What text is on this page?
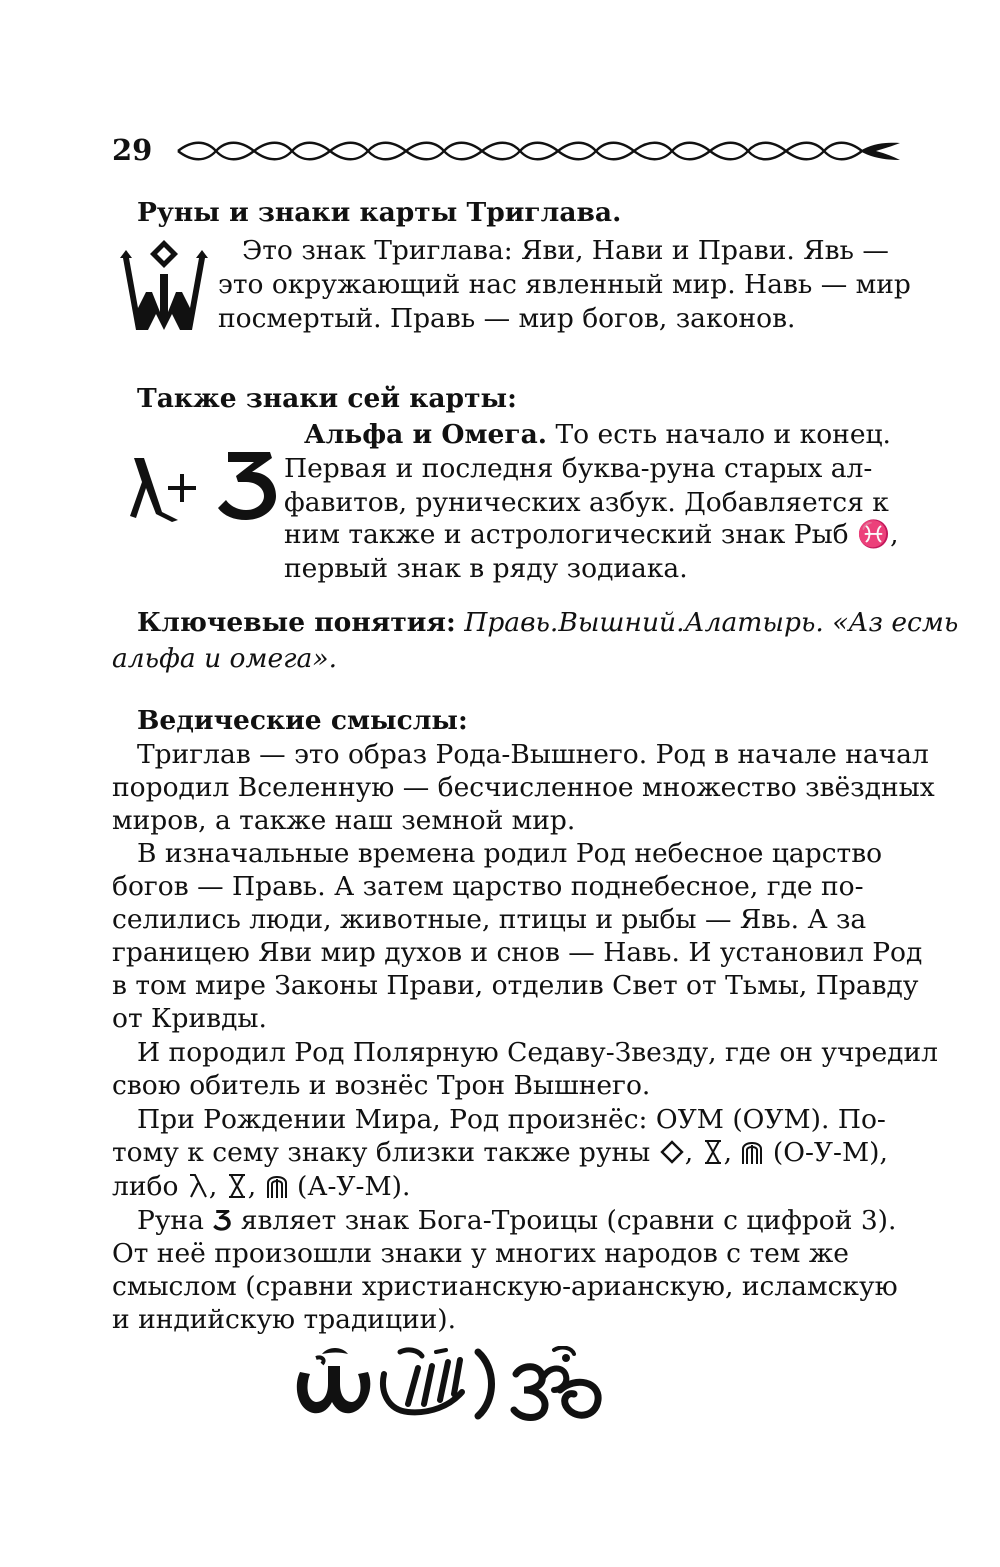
29
Руны и знаки карты Триглава.
Это знак Триглава: Яви, Нави и Прави. Явь —
это окружающий нас явленный мир. Навь — мир
посмертый. Правь — мир богов, законов.
Также знаки сей карты:
Альфа и Омега. То есть начало и конец.
Первая и последня буква-руна старых ал-
фавитов, рунических азбук. Добавляется к
ним также и астрологический знак Рыб ♓,
первый знак в ряду зодиака.
Ключевые понятия: Правь.Вышний.Алатырь. «Аз есмь
альфа и омега».
Ведические смыслы:
Триглав — это образ Рода-Вышнего. Род в начале начал
породил Вселенную — бесчисленное множество звёздных
миров, а также наш земной мир.
В изначальные времена родил Род небесное царство
богов — Правь. А затем царство поднебесное, где по-
селились люди, животные, птицы и рыбы — Явь. А за
границею Яви мир духов и снов — Навь. И установил Род
в том мире Законы Прави, отделив Свет от Тьмы, Правду
от Кривды.
И породил Род Полярную Седаву-Звезду, где он учредил
свою обитель и вознёс Трон Вышнего.
При Рождении Мира, Род произнёс: ОУМ (ОУМ). По-
тому к сему знаку близки также руны , , (О-У-М),
либо , , (А-У-М).
Руна являет знак Бога-Троицы (сравни с цифрой 3).
От неё произошли знаки у многих народов с тем же
смыслом (сравни христианскую-арианскую, исламскую
и индийскую традиции).
